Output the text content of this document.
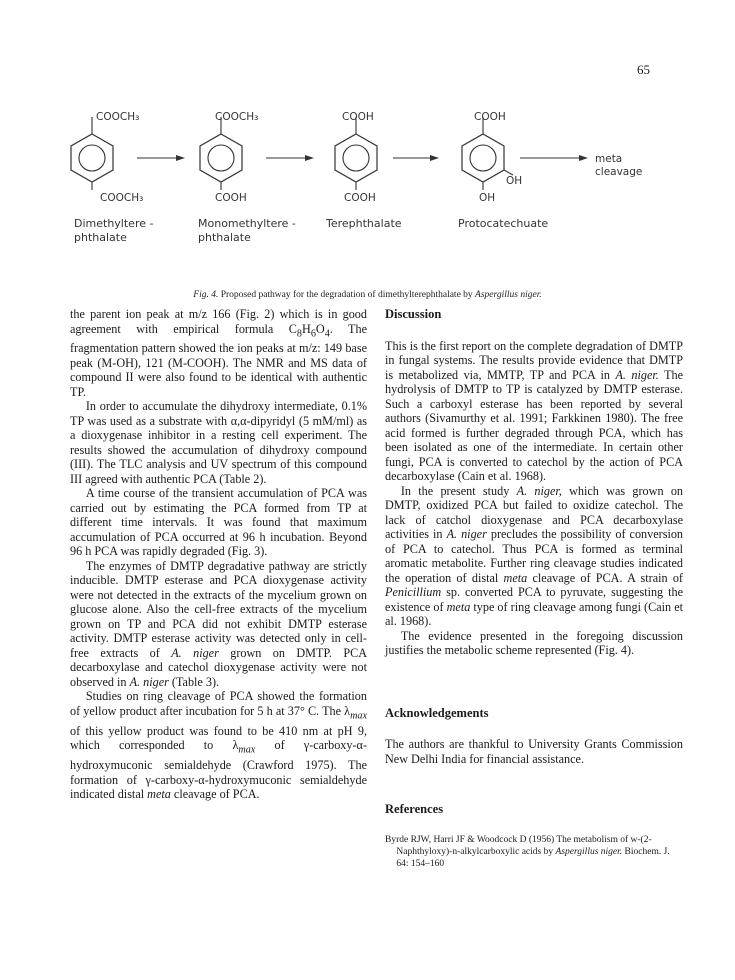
65
COOCH₃
COOCH₃
COOCH₃
COOH
COOH
COOH
COOH
OH
OH
meta
cleavage
Dimethyltere -
phthalate
Monomethyltere -
phthalate
Terephthalate	Protocatechuate
Fig. 4. Proposed pathway for the degradation of dimethylterephthalate by Aspergillus niger.

the parent ion peak at m/z 166 (Fig. 2) which is in good agreement with empirical formula $C_8H_6O_4$. The fragmentation pattern showed the ion peaks at m/z: 149 base peak (M-OH), 121 (M-COOH). The NMR and MS data of compound II were also found to be identical with authentic TP.

In order to accumulate the dihydroxy intermediate, 0.1% TP was used as a substrate with α,α-dipyridyl (5 mM/ml) as a dioxygenase inhibitor in a resting cell experiment. The results showed the accumulation of dihydroxy compound (III). The TLC analysis and UV spectrum of this compound III agreed with authentic PCA (Table 2).

A time course of the transient accumulation of PCA was carried out by estimating the PCA formed from TP at different time intervals. It was found that maximum accumulation of PCA occurred at 96 h incubation. Beyond 96 h PCA was rapidly degraded (Fig. 3).

The enzymes of DMTP degradative pathway are strictly inducible. DMTP esterase and PCA dioxygenase activity were not detected in the extracts of the mycelium grown on glucose alone. Also the cell-free extracts of the mycelium grown on TP and PCA did not exhibit DMTP esterase activity. DMTP esterase activity was detected only in cell-free extracts of A. niger grown on DMTP. PCA decarboxylase and catechol dioxygenase activity were not observed in A. niger (Table 3).

Studies on ring cleavage of PCA showed the formation of yellow product after incubation for 5 h at 37° C. The $\lambda_{max}$ of this yellow product was found to be 410 nm at pH 9, which corresponded to $\lambda_{max}$ of γ-carboxy-α-hydroxymuconic semialdehyde (Crawford 1975). The formation of γ-carboxy-α-hydroxymuconic semialdehyde indicated distal meta cleavage of PCA.

Discussion

This is the first report on the complete degradation of DMTP in fungal systems. The results provide evidence that DMTP is metabolized via, MMTP, TP and PCA in A. niger. The hydrolysis of DMTP to TP is catalyzed by DMTP esterase. Such a carboxyl esterase has been reported by several authors (Sivamurthy et al. 1991; Farkkinen 1980). The free acid formed is further degraded through PCA, which has been isolated as one of the intermediate. In certain other fungi, PCA is converted to catechol by the action of PCA decarboxylase (Cain et al. 1968).

In the present study A. niger, which was grown on DMTP, oxidized PCA but failed to oxidize catechol. The lack of catchol dioxygenase and PCA decarboxylase activities in A. niger precludes the possibility of conversion of PCA to catechol. Thus PCA is formed as terminal aromatic metabolite. Further ring cleavage studies indicated the operation of distal meta cleavage of PCA. A strain of Penicillium sp. converted PCA to pyruvate, suggesting the existence of meta type of ring cleavage among fungi (Cain et al. 1968).

The evidence presented in the foregoing discussion justifies the metabolic scheme represented (Fig. 4).

Acknowledgements

The authors are thankful to University Grants Commission New Delhi India for financial assistance.

References

Byrde RJW, Harri JF & Woodcock D (1956) The metabolism of w-(2-Naphthyloxy)-n-alkylcarboxylic acids by Aspergillus niger. Biochem. J. 64: 154–160
